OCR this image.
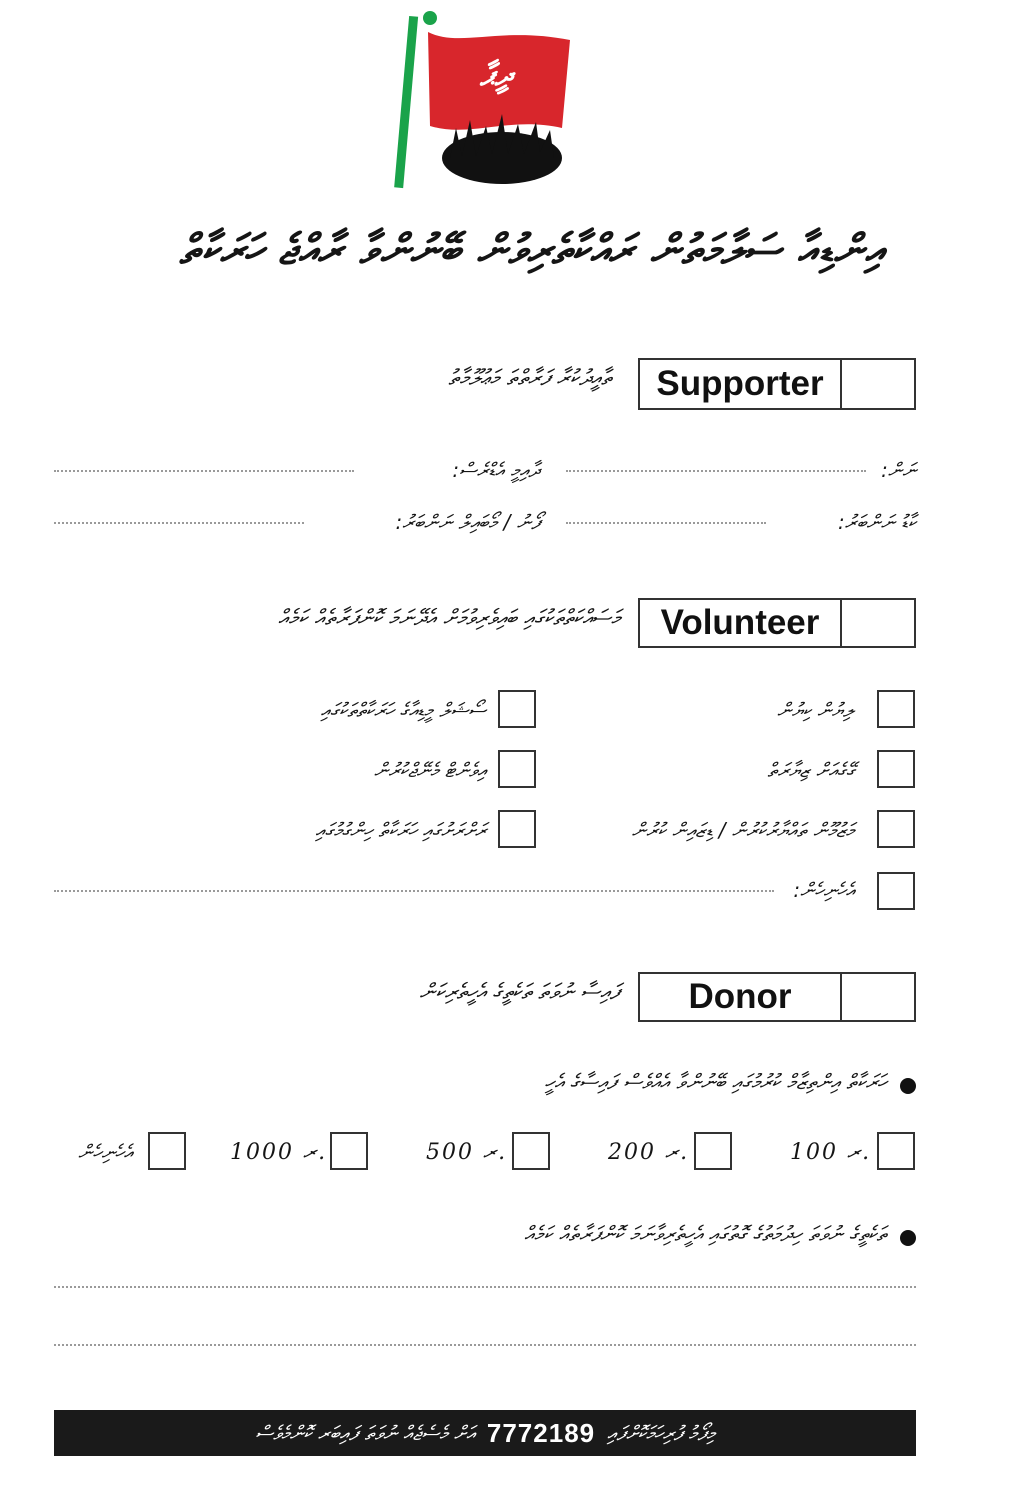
ދީޕާ
އިންޑިއާ ސަލާމަތުން ރައްކާތެރިވުން ބޭނުންވާ ރާއްޖެ ހަރަކާތް
Supporter
ތާއީދުކުރާ ފަރާތްތަ މަޢުލޫމާތު
ނަން:
ދާއިމީ އެޑްރެސް:
ކާޑު ނަންބަރު:
ފޯނު / މޯބައިލް ނަންބަރު:
Volunteer
މަސައްކަތްތަކުގައި ބައިވެރިވުމަށް އެދޭނަމަ ކޮންފަރާތެއް ކަމެއް
ލިޔުން ކިޔުން
ގޭގެއަށް ޒިޔާރަތް
މަޒުމޫން ތައްޔާރުކުރުން / ޑިޒައިން ކުރުން
އެހެނިހެން:
ސޯޝަލް މީޑިއާގެ ހަރަކާތްތަކުގައި
އިވެންޓް މެނޭޖްކުރުން
ރަށްރަށުގައި ހަރަކާތް ހިންގުމުގައި
Donor
ފައިސާ ނުވަތަ ތަކެތީގެ އެހީތެރިކަން
ހަރަކާތް އިންތިޒާމް ކުރުމުގައި ބޭނުންވާ އެއްވެސް ފައިސާގެ އެހީ
100 ރ.
200 ރ.
500 ރ.
1000 ރ.
އެހެނިހެން
ތަކެތީގެ ނުވަތަ ހިދުމަތުގެ ގޮތުގައި އެހީތެރިވާނަމަ ކޮންފަރާތެއް ކަމެއް
އަށް މެސެޖެއް ނުވަތަ ފައިބަރ ކޮންމެވެސް 7772189 މިފޯމު ފުރިހަމަކޮށްފައި
